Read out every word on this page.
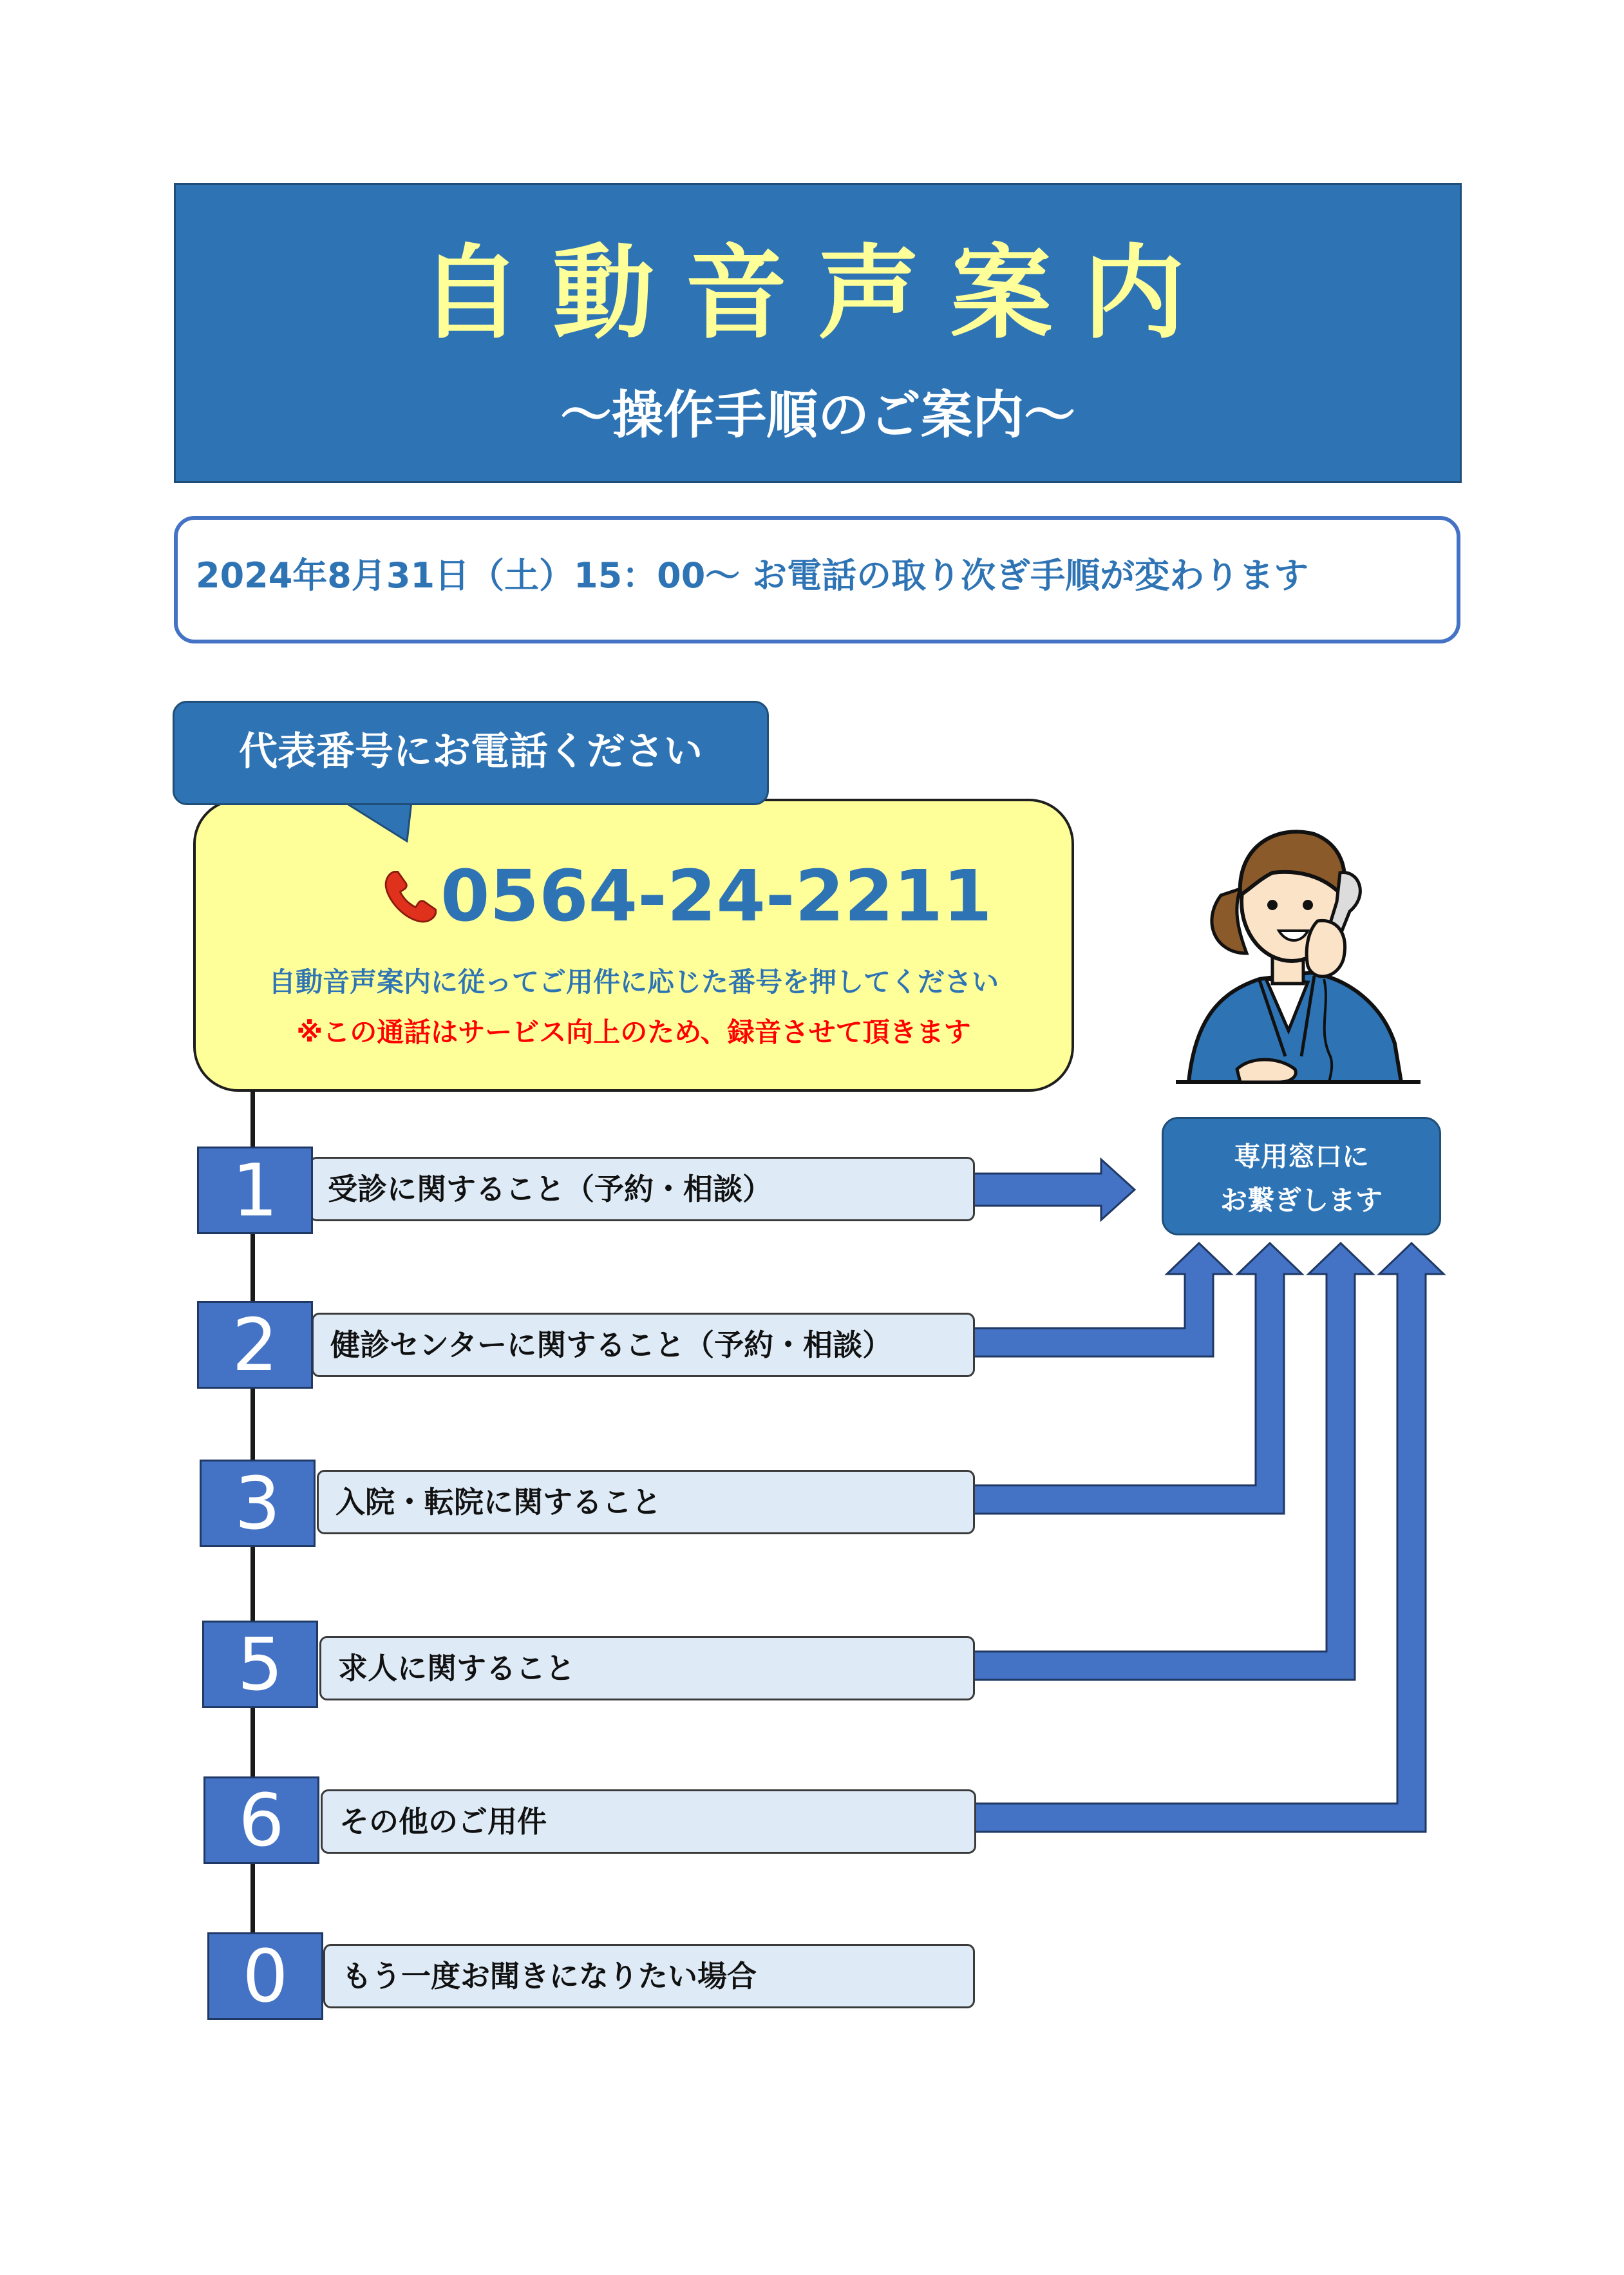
自動音声案内
～操作手順のご案内～
2024年8月31日（土）15：00～ お電話の取り次ぎ手順が変わります
0564-24-2211
自動音声案内に従ってご用件に応じた番号を押してください
※この通話はサービス向上のため、録音させて頂きます
代表番号にお電話ください
専用窓口に
お繋ぎします
受診に関すること（予約・相談）
1
健診センターに関すること（予約・相談）
2
入院・転院に関すること
3
求人に関すること
5
その他のご用件
6
もう一度お聞きになりたい場合
0
